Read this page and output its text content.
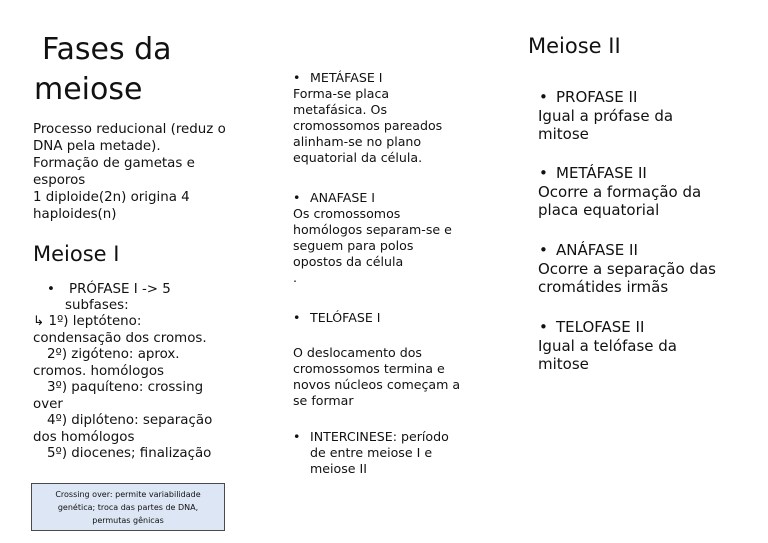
Fases da
meiose
Processo reducional (reduz o
DNA pela metade).
Formação de gametas e
esporos
1 diploide(2n) origina 4
haploides(n)
Meiose I
• PRÓFASE I -> 5
subfases:
↳ 1º) leptóteno:
condensação dos cromos.
2º) zigóteno: aprox.
cromos. homólogos
3º) paquíteno: crossing
over
4º) diplóteno: separação
dos homólogos
5º) diocenes; finalização
Crossing over: permite variabilidade
genética; troca das partes de DNA,
permutas gênicas
• METÁFASE I
Forma-se placa
metafásica. Os
cromossomos pareados
alinham-se no plano
equatorial da célula.
• ANAFASE I
Os cromossomos
homólogos separam-se e
seguem para polos
opostos da célula
.
• TELÓFASE I
O deslocamento dos
cromossomos termina e
novos núcleos começam a
se formar
• INTERCINESE: período
de entre meiose I e
meiose II
Meiose II
• PROFASE II
Igual a prófase da
mitose
• METÁFASE II
Ocorre a formação da
placa equatorial
• ANÁFASE II
Ocorre a separação das
cromátides irmãs
• TELOFASE II
Igual a telófase da
mitose
